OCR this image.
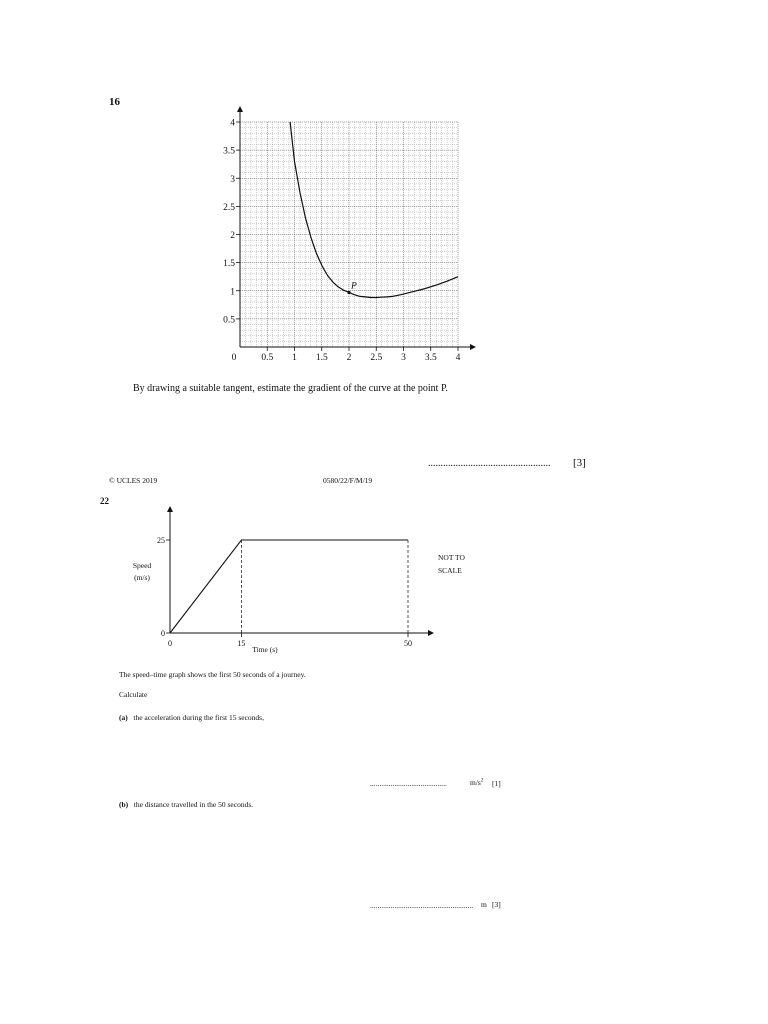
16
0	0.5 1 1.5 2 2.5 3 3.5 4
0.5
1
1.5
2
2.5
3
3.5
4
P
By drawing a suitable tangent, estimate the gradient of the curve at the point P.
................................................. [3]
© UCLES 2019	0580/22/F/M/19
22
0
25
0	15	50
Time (s)
Speed
(m/s)
NOT TO
SCALE
The speed–time graph shows the first 50 seconds of a journey.
Calculate
(a) the acceleration during the first 15 seconds,
.........................................	$m/s^2$ [1]
(b) the distance travelled in the 50 seconds.
....................................................... m [3]
